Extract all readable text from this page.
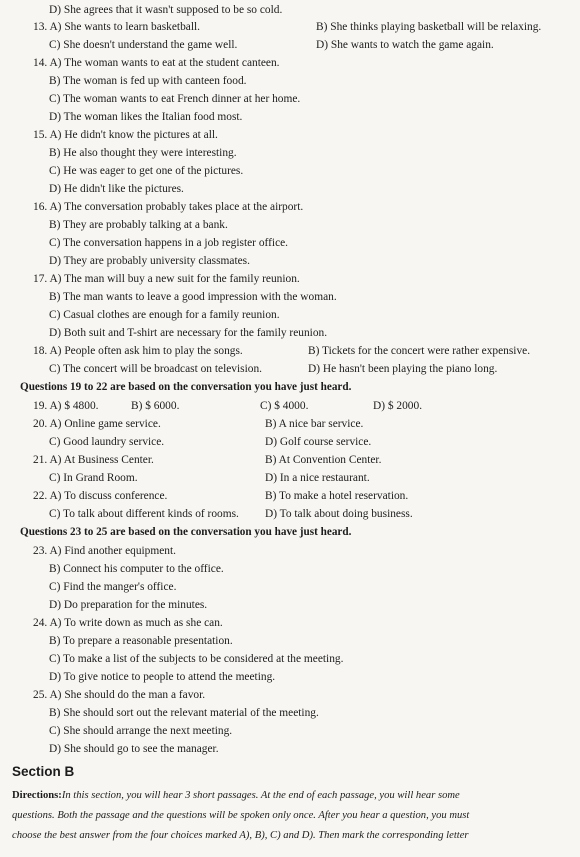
D) She agrees that it wasn't supposed to be so cold.
13. A) She wants to learn basketball.	B) She thinks playing basketball will be relaxing.
C) She doesn't understand the game well.	D) She wants to watch the game again.
14. A) The woman wants to eat at the student canteen.
B) The woman is fed up with canteen food.
C) The woman wants to eat French dinner at her home.
D) The woman likes the Italian food most.
15. A) He didn't know the pictures at all.
B) He also thought they were interesting.
C) He was eager to get one of the pictures.
D) He didn't like the pictures.
16. A) The conversation probably takes place at the airport.
B) They are probably talking at a bank.
C) The conversation happens in a job register office.
D) They are probably university classmates.
17. A) The man will buy a new suit for the family reunion.
B) The man wants to leave a good impression with the woman.
C) Casual clothes are enough for a family reunion.
D) Both suit and T-shirt are necessary for the family reunion.
18. A) People often ask him to play the songs.	B) Tickets for the concert were rather expensive.
C) The concert will be broadcast on television.	D) He hasn't been playing the piano long.
Questions 19 to 22 are based on the conversation you have just heard.
19. A) $ 4800.	B) $ 6000.	C) $ 4000.	D) $ 2000.
20. A) Online game service.	B) A nice bar service.
C) Good laundry service.	D) Golf course service.
21. A) At Business Center.	B) At Convention Center.
C) In Grand Room.	D) In a nice restaurant.
22. A) To discuss conference.	B) To make a hotel reservation.
C) To talk about different kinds of rooms. D) To talk about doing business.
Questions 23 to 25 are based on the conversation you have just heard.
23. A) Find another equipment.
B) Connect his computer to the office.
C) Find the manger's office.
D) Do preparation for the minutes.
24. A) To write down as much as she can.
B) To prepare a reasonable presentation.
C) To make a list of the subjects to be considered at the meeting.
D) To give notice to people to attend the meeting.
25. A) She should do the man a favor.
B) She should sort out the relevant material of the meeting.
C) She should arrange the next meeting.
D) She should go to see the manager.
Section B
Directions:In this section, you will hear 3 short passages. At the end of each passage, you will hear some
questions. Both the passage and the questions will be spoken only once. After you hear a question, you must
choose the best answer from the four choices marked A), B), C) and D). Then mark the corresponding letter
